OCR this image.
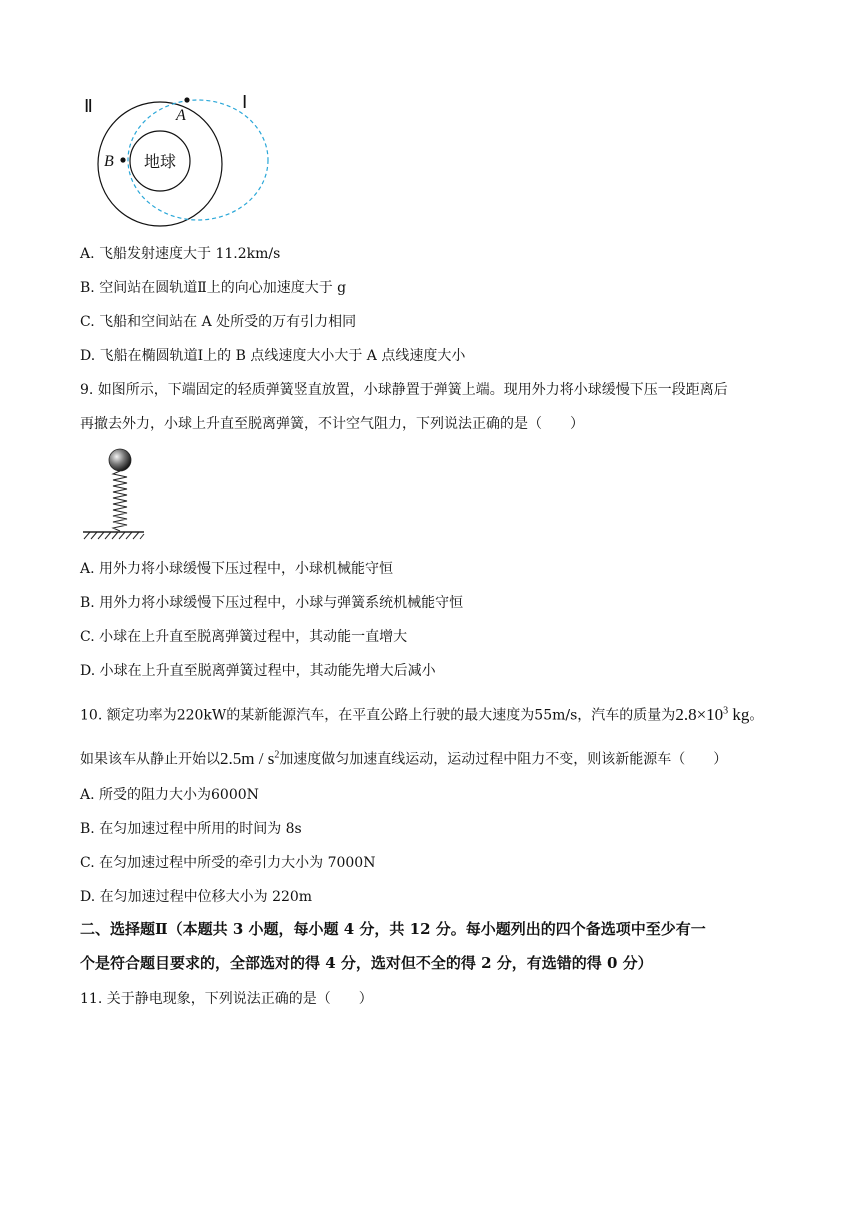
Ⅱ	Ⅰ
A
B 地球
A. 飞船发射速度大于 11.2km/s
B. 空间站在圆轨道Ⅱ上的向心加速度大于 g
C. 飞船和空间站在 A 处所受的万有引力相同
D. 飞船在椭圆轨道Ⅰ上的 B 点线速度大小大于 A 点线速度大小
9. 如图所示，下端固定的轻质弹簧竖直放置，小球静置于弹簧上端。现用外力将小球缓慢下压一段距离后
再撤去外力，小球上升直至脱离弹簧，不计空气阻力，下列说法正确的是（　　）
A. 用外力将小球缓慢下压过程中，小球机械能守恒
B. 用外力将小球缓慢下压过程中，小球与弹簧系统机械能守恒
C. 小球在上升直至脱离弹簧过程中，其动能一直增大
D. 小球在上升直至脱离弹簧过程中，其动能先增大后减小
10. 额定功率为220kW的某新能源汽车，在平直公路上行驶的最大速度为55m/s，汽车的质量为$2.8\times 10^3$ kg。
如果该车从静止开始以$2.5m / s^2$加速度做匀加速直线运动，运动过程中阻力不变，则该新能源车（　　）
A. 所受的阻力大小为6000N
B. 在匀加速过程中所用的时间为 8s
C. 在匀加速过程中所受的牵引力大小为 7000N
D. 在匀加速过程中位移大小为 220m
二、选择题Ⅱ（本题共 3 小题，每小题 4 分，共 12 分。每小题列出的四个备选项中至少有一
个是符合题目要求的，全部选对的得 4 分，选对但不全的得 2 分，有选错的得 0 分）
11. 关于静电现象，下列说法正确的是（　　）
